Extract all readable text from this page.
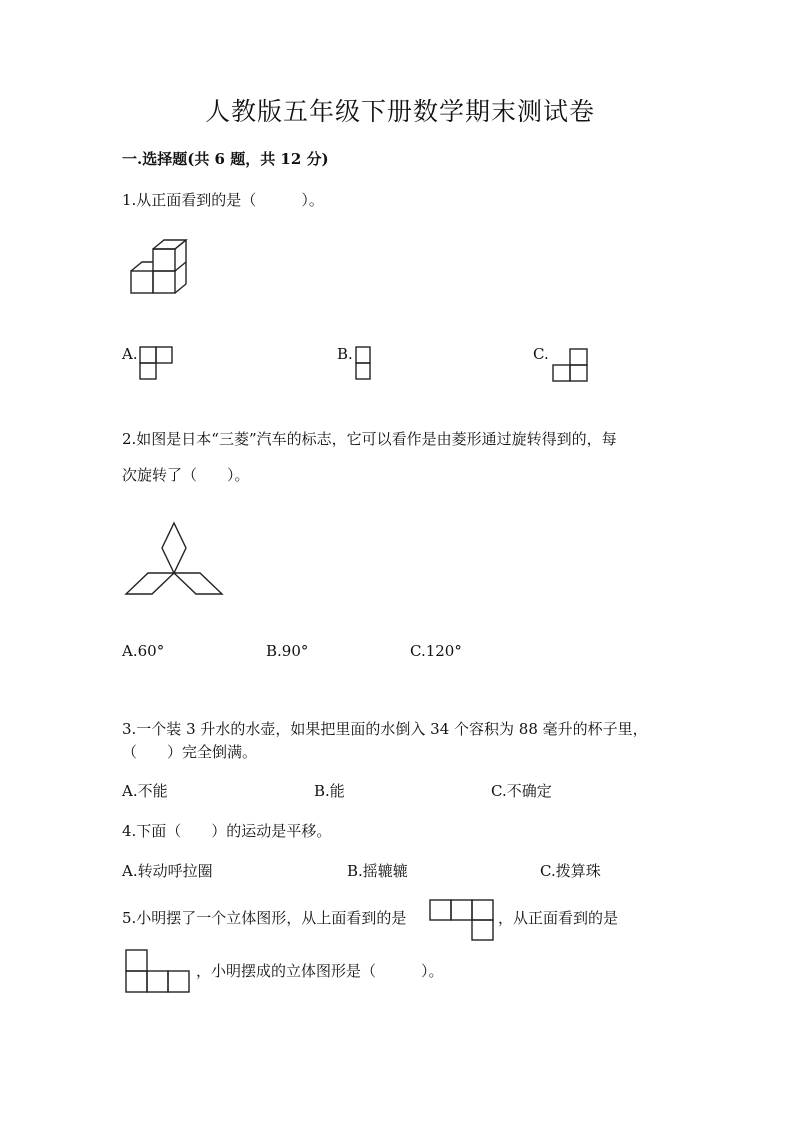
人教版五年级下册数学期末测试卷
一.选择题(共 6 题，共 12 分)
1.从正面看到的是（　　　）。
A.	B.	C.
2.如图是日本“三菱”汽车的标志，它可以看作是由菱形通过旋转得到的，每
次旋转了（　　）。
A.60°	B.90°	C.120°
3.一个装 3 升水的水壶，如果把里面的水倒入 34 个容积为 88 毫升的杯子里，
（　　）完全倒满。
A.不能	B.能	C.不确定
4.下面（　　）的运动是平移。
A.转动呼拉圈	B.摇辘辘	C.拨算珠
5.小明摆了一个立体图形，从上面看到的是	，从正面看到的是
，小明摆成的立体图形是（　　　）。
